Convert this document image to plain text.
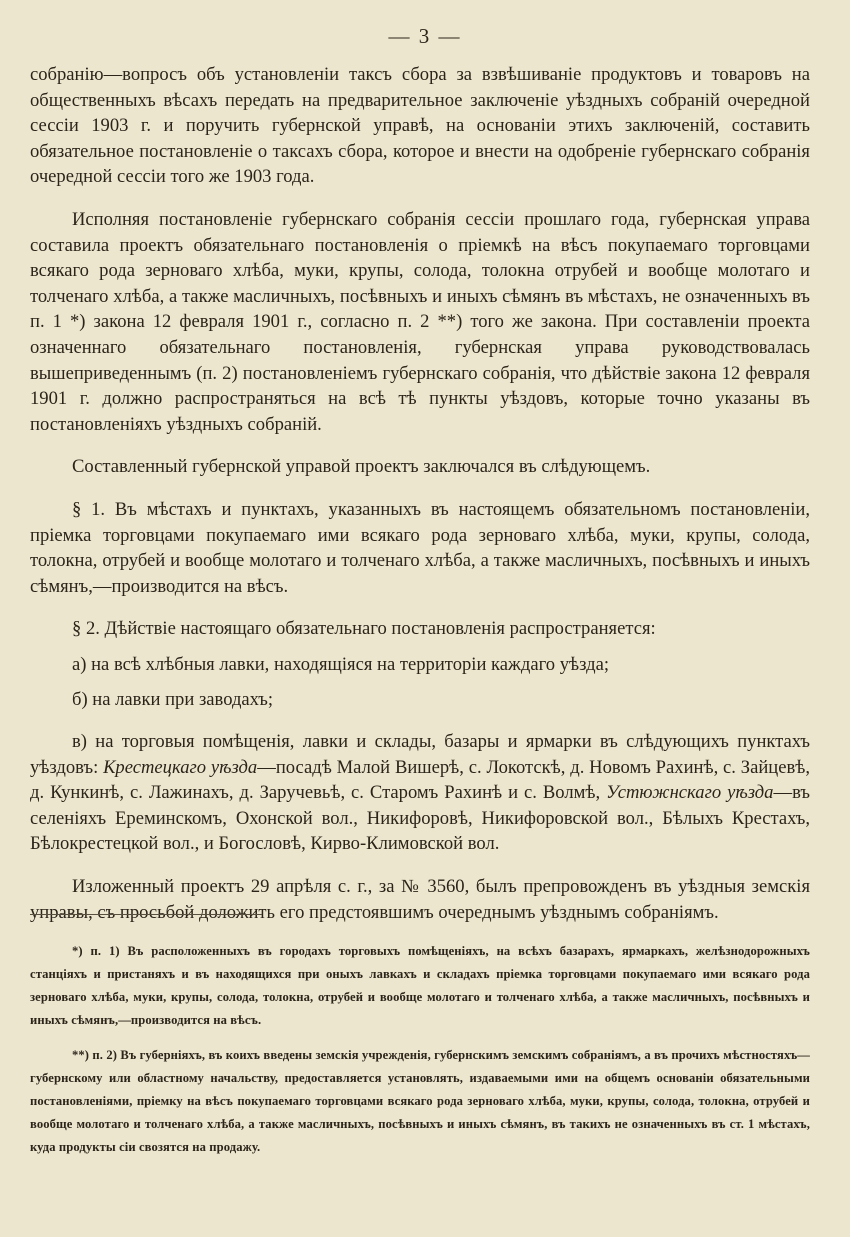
— 3 —

собранію—вопросъ объ установленіи таксъ сбора за взвѣшиваніе продуктовъ и товаровъ на общественныхъ вѣсахъ передать на предварительное заключеніе уѣздныхъ собраній очередной сессіи 1903 г. и поручить губернской управѣ, на основаніи этихъ заключеній, составить обязательное постановленіе о таксахъ сбора, которое и внести на одобреніе губернскаго собранія очередной сессіи того же 1903 года.

Исполняя постановленіе губернскаго собранія сессіи прошлаго года, губернская управа составила проектъ обязательнаго постановленія о пріемкѣ на вѣсъ покупаемаго торговцами всякаго рода зерноваго хлѣба, муки, крупы, солода, толокна отрубей и вообще молотаго и толченаго хлѣба, а также масличныхъ, посѣвныхъ и иныхъ сѣмянъ въ мѣстахъ, не означенныхъ въ п. 1 *) закона 12 февраля 1901 г., согласно п. 2 **) того же закона. При составленіи проекта означеннаго обязательнаго постановленія, губернская управа руководствовалась вышеприведеннымъ (п. 2) постановленіемъ губернскаго собранія, что дѣйствіе закона 12 февраля 1901 г. должно распространяться на всѣ тѣ пункты уѣздовъ, которые точно указаны въ постановленіяхъ уѣздныхъ собраній.

Составленный губернской управой проектъ заключался въ слѣдующемъ.

§ 1. Въ мѣстахъ и пунктахъ, указанныхъ въ настоящемъ обязательномъ постановленіи, пріемка торговцами покупаемаго ими всякаго рода зерноваго хлѣба, муки, крупы, солода, толокна, отрубей и вообще молотаго и толченаго хлѣба, а также масличныхъ, посѣвныхъ и иныхъ сѣмянъ,—производится на вѣсъ.

§ 2. Дѣйствіе настоящаго обязательнаго постановленія распространяется:

а) на всѣ хлѣбныя лавки, находящіяся на территоріи каждаго уѣзда;

б) на лавки при заводахъ;

в) на торговыя помѣщенія, лавки и склады, базары и ярмарки въ слѣдующихъ пунктахъ уѣздовъ: Крестецкаго уѣзда—посадѣ Малой Вишерѣ, с. Локотскѣ, д. Новомъ Рахинѣ, с. Зайцевѣ, д. Кункинѣ, с. Лажинахъ, д. Заручевьѣ, с. Старомъ Рахинѣ и с. Волмѣ, Устюжнскаго уѣзда—въ селеніяхъ Ереминскомъ, Охонской вол., Никифоровѣ, Никифоровской вол., Бѣлыхъ Крестахъ, Бѣлокрестецкой вол., и Богословѣ, Кирво-Климовской вол.

Изложенный проектъ 29 апрѣля с. г., за № 3560, былъ препровожденъ въ уѣздныя земскія управы, съ просьбой доложить его предстоявшимъ очереднымъ уѣзднымъ собраніямъ.

*) п. 1) Въ расположенныхъ въ городахъ торговыхъ помѣщеніяхъ, на всѣхъ базарахъ, ярмаркахъ, желѣзнодорожныхъ станціяхъ и пристаняхъ и въ находящихся при оныхъ лавкахъ и складахъ пріемка торговцами покупаемаго ими всякаго рода зерноваго хлѣба, муки, крупы, солода, толокна, отрубей и вообще молотаго и толченаго хлѣба, а также масличныхъ, посѣвныхъ и иныхъ сѣмянъ,—производится на вѣсъ.

**) п. 2) Въ губерніяхъ, въ коихъ введены земскія учрежденія, губернскимъ земскимъ собраніямъ, а въ прочихъ мѣстностяхъ—губернскому или областному начальству, предоставляется установлять, издаваемыми ими на общемъ основаніи обязательными постановленіями, пріемку на вѣсъ покупаемаго торговцами всякаго рода зерноваго хлѣба, муки, крупы, солода, толокна, отрубей и вообще молотаго и толченаго хлѣба, а также масличныхъ, посѣвныхъ и иныхъ сѣмянъ, въ такихъ не означенныхъ въ ст. 1 мѣстахъ, куда продукты сіи свозятся на продажу.
